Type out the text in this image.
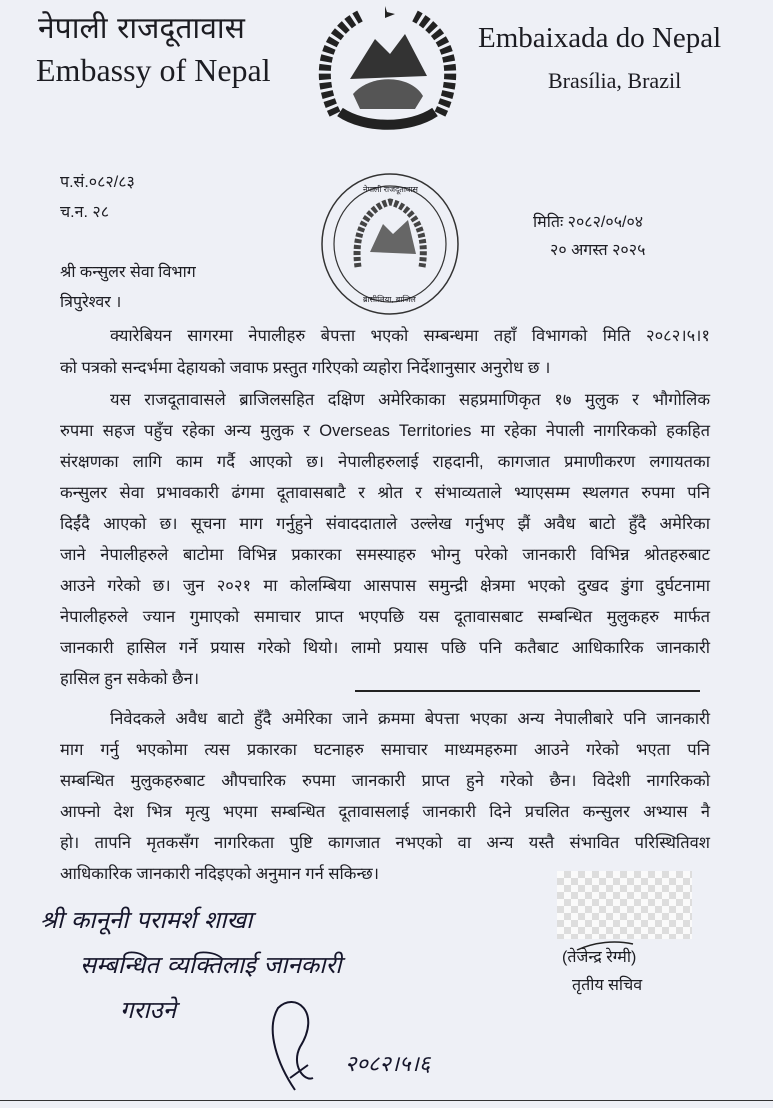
नेपाली राजदूतावास
Embassy of Nepal
Embaixada do Nepal
Brasília, Brazil
प.सं.०८२/८३
च.न. २८
मितिः २०८२/०५/०४
२० अगस्त २०२५
नेपाली राजदूतावास
ब्रासीलिया, ब्राजिल
श्री कन्सुलर सेवा विभाग
त्रिपुरेश्वर ।
क्यारेबियन सागरमा नेपालीहरु बेपत्ता भएको सम्बन्धमा तहाँ विभागको मिति २०८२।५।१
को पत्रको सन्दर्भमा देहायको जवाफ प्रस्तुत गरिएको व्यहोरा निर्देशानुसार अनुरोध छ ।
यस राजदूतावासले ब्राजिलसहित दक्षिण अमेरिकाका सहप्रमाणिकृत १७ मुलुक र भौगोलिक
रुपमा सहज पहुँच रहेका अन्य मुलुक र Overseas Territories मा रहेका नेपाली नागरिकको हकहित
संरक्षणका लागि काम गर्दै आएको छ। नेपालीहरुलाई राहदानी, कागजात प्रमाणीकरण लगायतका
कन्सुलर सेवा प्रभावकारी ढंगमा दूतावासबाटै र श्रोत र संभाव्यताले भ्याएसम्म स्थलगत रुपमा पनि
दिईंदै आएको छ। सूचना माग गर्नुहुने संवाददाताले उल्लेख गर्नुभए झैं अवैध बाटो हुँदै अमेरिका
जाने नेपालीहरुले बाटोमा विभिन्न प्रकारका समस्याहरु भोग्नु परेको जानकारी विभिन्न श्रोतहरुबाट
आउने गरेको छ। जुन २०२१ मा कोलम्बिया आसपास समुन्द्री क्षेत्रमा भएको दुखद डुंगा दुर्घटनामा
नेपालीहरुले ज्यान गुमाएको समाचार प्राप्त भएपछि यस दूतावासबाट सम्बन्धित मुलुकहरु मार्फत
जानकारी हासिल गर्ने प्रयास गरेको थियो। लामो प्रयास पछि पनि कतैबाट आधिकारिक जानकारी
हासिल हुन सकेको छैन।
निवेदकले अवैध बाटो हुँदै अमेरिका जाने क्रममा बेपत्ता भएका अन्य नेपालीबारे पनि जानकारी
माग गर्नु भएकोमा त्यस प्रकारका घटनाहरु समाचार माध्यमहरुमा आउने गरेको भएता पनि
सम्बन्धित मुलुकहरुबाट औपचारिक रुपमा जानकारी प्राप्त हुने गरेको छैन। विदेशी नागरिकको
आफ्नो देश भित्र मृत्यु भएमा सम्बन्धित दूतावासलाई जानकारी दिने प्रचलित कन्सुलर अभ्यास नै
हो। तापनि मृतकसँग नागरिकता पुष्टि कागजात नभएको वा अन्य यस्तै संभावित परिस्थितिवश
आधिकारिक जानकारी नदिइएको अनुमान गर्न सकिन्छ।
(तेजेन्द्र रेग्मी)
तृतीय सचिव
श्री कानूनी परामर्श शाखा
सम्बन्धित व्यक्तिलाई जानकारी
गराउने
२०८२।५।६
